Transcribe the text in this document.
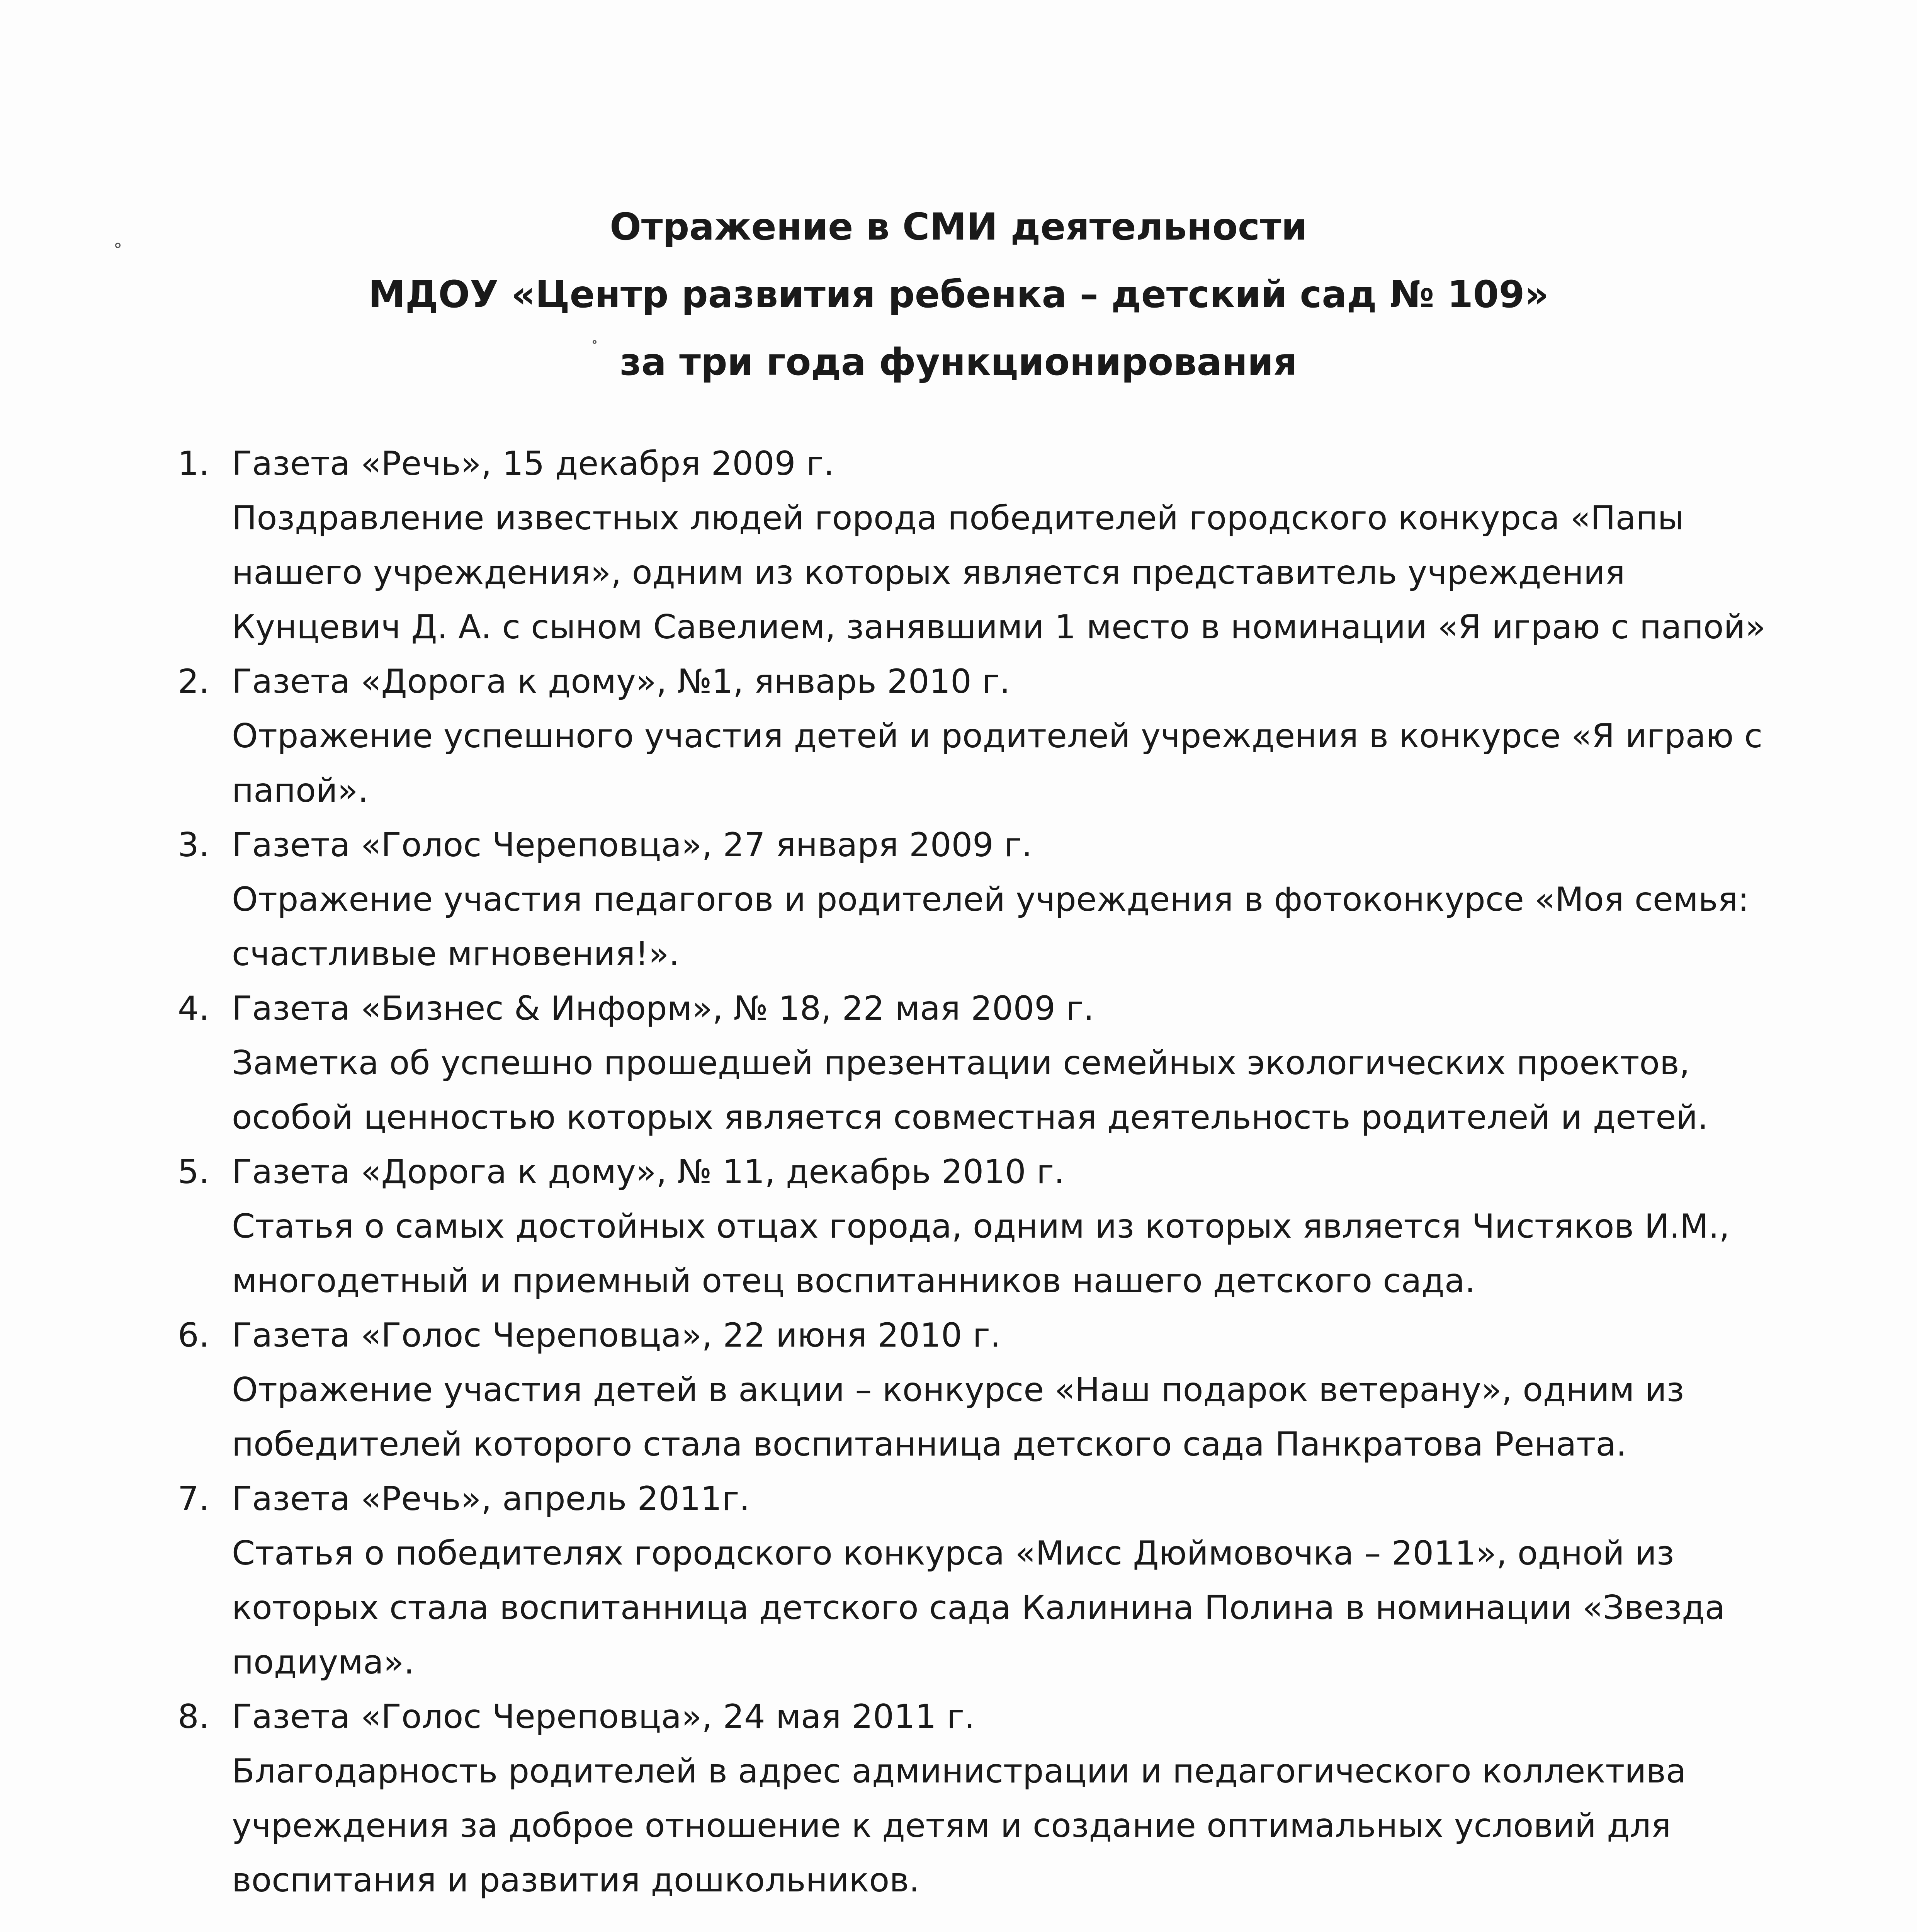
Отражение в СМИ деятельности
МДОУ «Центр развития ребенка – детский сад № 109»
за три года функционирования
1. Газета «Речь», 15 декабря 2009 г.
Поздравление известных людей города победителей городского конкурса «Папы нашего учреждения», одним из которых является представитель учреждения Кунцевич Д. А. с сыном Савелием, занявшими 1 место в номинации «Я играю с папой»
2. Газета «Дорога к дому», №1, январь 2010 г.
Отражение успешного участия детей и родителей учреждения в конкурсе «Я играю с папой».
3. Газета «Голос Череповца», 27 января 2009 г.
Отражение участия педагогов и родителей учреждения в фотоконкурсе «Моя семья: счастливые мгновения!».
4. Газета «Бизнес & Информ», № 18, 22 мая 2009 г.
Заметка об успешно прошедшей презентации семейных экологических проектов, особой ценностью которых является совместная деятельность родителей и детей.
5. Газета «Дорога к дому», № 11, декабрь 2010 г.
Статья о самых достойных отцах города, одним из которых является Чистяков И.М., многодетный и приемный отец воспитанников нашего детского сада.
6. Газета «Голос Череповца», 22 июня 2010 г.
Отражение участия детей в акции – конкурсе «Наш подарок ветерану», одним из победителей которого стала воспитанница детского сада Панкратова Рената.
7. Газета «Речь», апрель 2011г.
Статья о победителях городского конкурса «Мисс Дюймовочка – 2011», одной из которых стала воспитанница детского сада Калинина Полина в номинации «Звезда подиума».
8. Газета «Голос Череповца», 24 мая 2011 г.
Благодарность родителей в адрес администрации и педагогического коллектива учреждения за доброе отношение к детям и создание оптимальных условий для воспитания и развития дошкольников.
